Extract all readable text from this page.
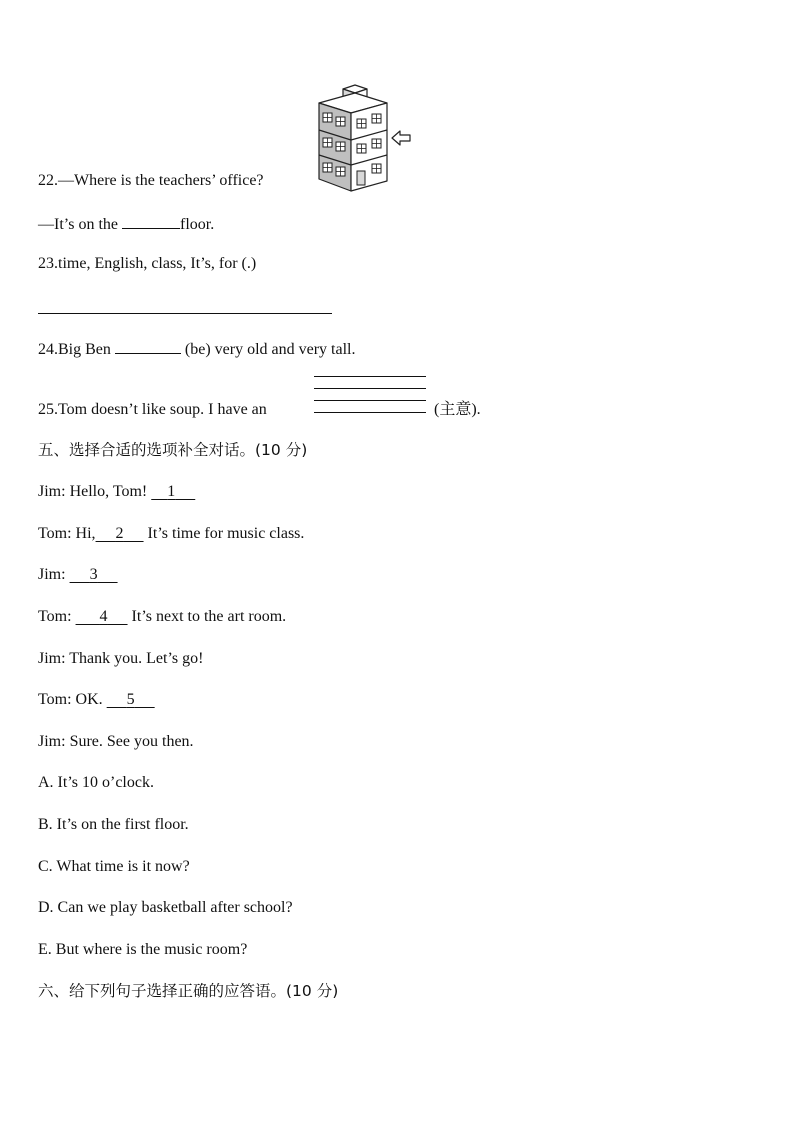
22.—Where is the teachers’ office?
—It’s on the	floor.
23.time, English, class, It’s, for (.)
24.Big Ben	(be) very old and very tall.
25.Tom doesn’t like soup. I have an	(主意).
五、选择合适的选项补全对话。(10 分)
Jim: Hello, Tom! 1
Tom: Hi, 2 It’s time for music class.
Jim: 3
Tom: 4 It’s next to the art room.
Jim: Thank you. Let’s go!
Tom: OK. 5
Jim: Sure. See you then.
A. It’s 10 o’clock.
B. It’s on the first floor.
C. What time is it now?
D. Can we play basketball after school?
E. But where is the music room?
六、给下列句子选择正确的应答语。(10 分)
